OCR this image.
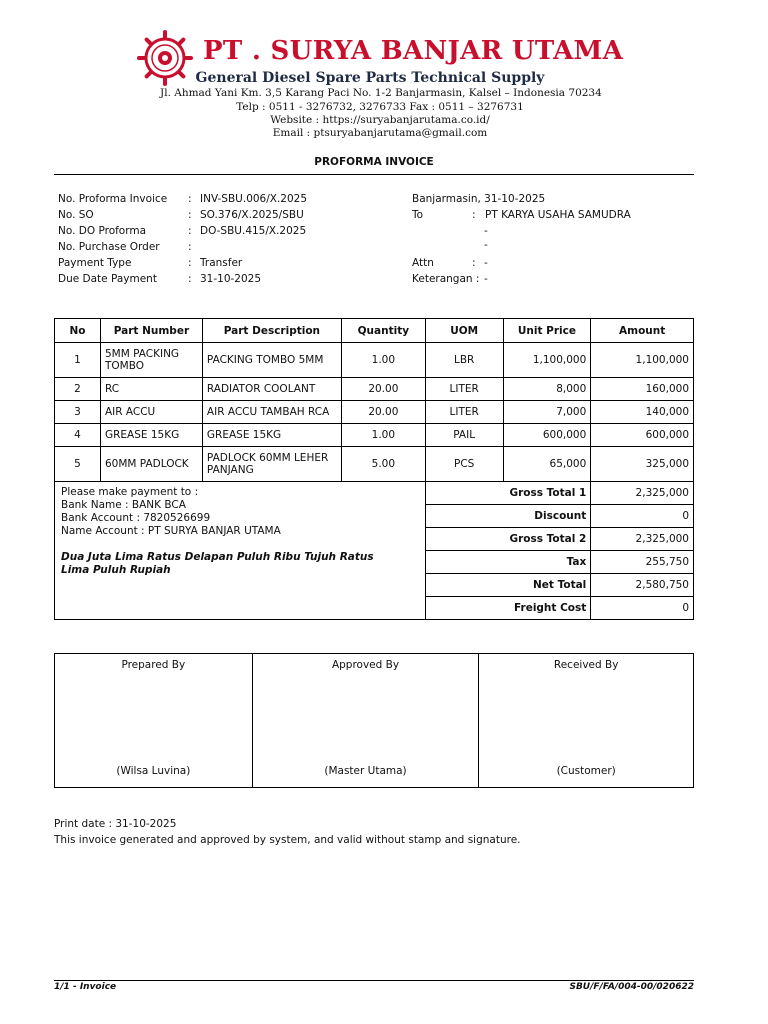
PT . SURYA BANJAR UTAMA
General Diesel Spare Parts Technical Supply
Jl. Ahmad Yani Km. 3,5 Karang Paci No. 1-2 Banjarmasin, Kalsel – Indonesia 70234
Telp : 0511 - 3276732, 3276733 Fax : 0511 – 3276731
Website : https://suryabanjarutama.co.id/
Email : ptsuryabanjarutama@gmail.com
PROFORMA INVOICE
No. Proforma Invoice : INV-SBU.006/X.2025
No. SO	: SO.376/X.2025/SBU
No. DO Proforma	: DO-SBU.415/X.2025
No. Purchase Order	:
Payment Type	: Transfer
Due Date Payment	: 31-10-2025
Banjarmasin, 31-10-2025
To	: PT KARYA USAHA SAMUDRA
-
-
Attn	: -
Keterangan : -
No	Part Number	Part Description	Quantity	UOM	Unit Price	Amount
1	5MM PACKING TOMBO	PACKING TOMBO 5MM	1.00	LBR	1,100,000	1,100,000
2	RC	RADIATOR COOLANT	20.00	LITER	8,000	160,000
3	AIR ACCU	AIR ACCU TAMBAH RCA	20.00	LITER	7,000	140,000
4	GREASE 15KG	GREASE 15KG	1.00	PAIL	600,000	600,000
5	60MM PADLOCK	PADLOCK 60MM LEHER PANJANG	5.00	PCS	65,000	325,000

Please make payment to :
Bank Name : BANK BCA
Bank Account : 7820526699
Name Account : PT SURYA BANJAR UTAMA
Dua Juta Lima Ratus Delapan Puluh Ribu Tujuh Ratus Lima Puluh Rupiah				Gross Total 1		2,325,000
				Discount		0
				Gross Total 2		2,325,000
				Tax		255,750
				Net Total		2,580,750
				Freight Cost		0
Prepared By
(Wilsa Luvina)

Approved By
(Master Utama)

Received By
(Customer)
Print date : 31-10-2025
This invoice generated and approved by system, and valid without stamp and signature.
1/1 - Invoice	SBU/F/FA/004-00/020622
